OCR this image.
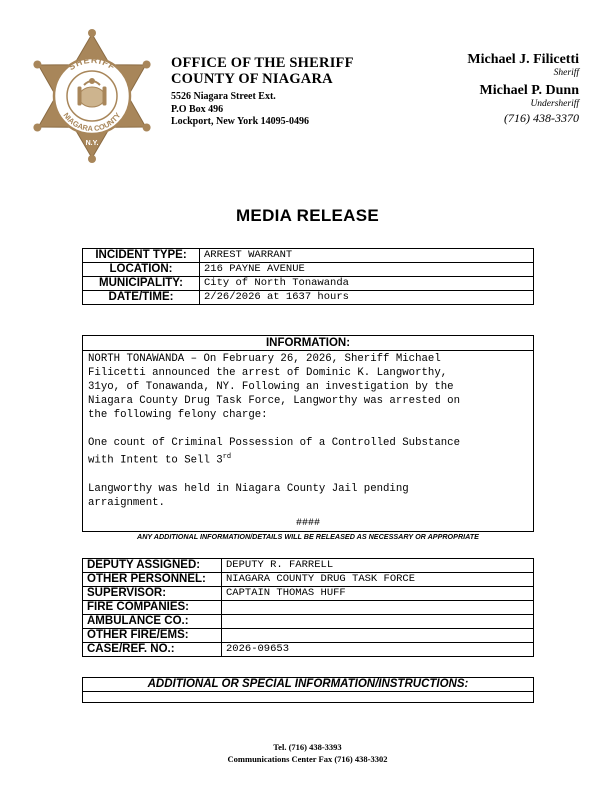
SHERIFF
NIAGARA COUNTY
N.Y.
OFFICE OF THE SHERIFF
COUNTY OF NIAGARA
5526 Niagara Street Ext.
P.O Box 496
Lockport, New York 14095-0496
Michael J. Filicetti
Sheriff
Michael P. Dunn
Undersheriff
(716) 438-3370
MEDIA RELEASE
INCIDENT TYPE:	ARREST WARRANT
LOCATION:	216 PAYNE AVENUE
MUNICIPALITY:	City of North Tonawanda
DATE/TIME:	2/26/2026 at 1637 hours
INFORMATION:

NORTH TONAWANDA – On February 26, 2026, Sheriff Michael

Filicetti announced the arrest of Dominic K. Langworthy,

31yo, of Tonawanda, NY. Following an investigation by the

Niagara County Drug Task Force, Langworthy was arrested on

the following felony charge:

One count of Criminal Possession of a Controlled Substance

with Intent to Sell 3rd

Langworthy was held in Niagara County Jail pending

arraignment.

####
ANY ADDITIONAL INFORMATION/DETAILS WILL BE RELEASED AS NECESSARY OR APPROPRIATE
DEPUTY ASSIGNED:	DEPUTY R. FARRELL
OTHER PERSONNEL:	NIAGARA COUNTY DRUG TASK FORCE
SUPERVISOR:	CAPTAIN THOMAS HUFF
FIRE COMPANIES:	
AMBULANCE CO.:	
OTHER FIRE/EMS:	
CASE/REF. NO.:	2026-09653
ADDITIONAL OR SPECIAL INFORMATION/INSTRUCTIONS:
Tel. (716) 438-3393
Communications Center Fax (716) 438-3302
